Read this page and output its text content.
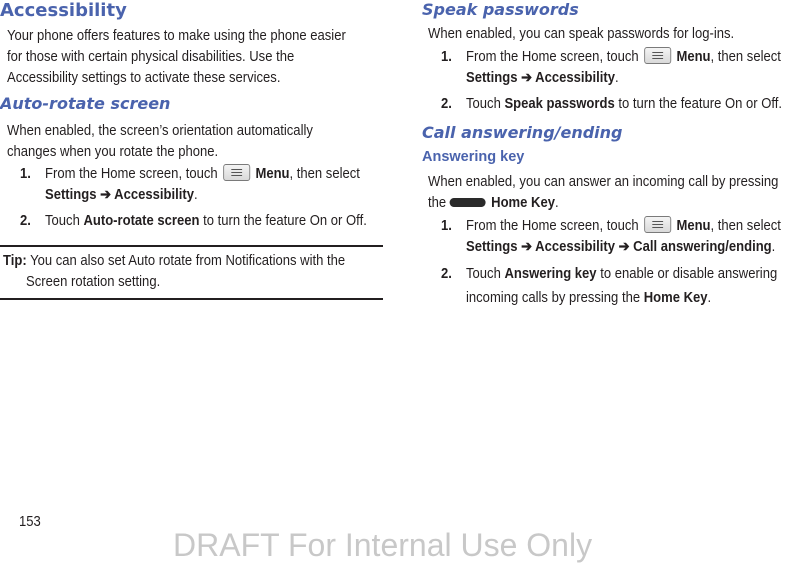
Accessibility
Your phone offers features to make using the phone easier
for those with certain physical disabilities. Use the
Accessibility settings to activate these services.
Auto-rotate screen
When enabled, the screen’s orientation automatically
changes when you rotate the phone.
1. From the Home screen, touch	Menu, then select
Settings ➔ Accessibility.
2. Touch Auto-rotate screen to turn the feature On or Off.
Tip: You can also set Auto rotate from Notifications with the
Screen rotation setting.
Speak passwords
When enabled, you can speak passwords for log-ins.
1. From the Home screen, touch	Menu, then select
Settings ➔ Accessibility.
2. Touch Speak passwords to turn the feature On or Off.
Call answering/ending
Answering key
When enabled, you can answer an incoming call by pressing
the	Home Key.
1. From the Home screen, touch	Menu, then select
Settings ➔ Accessibility ➔ Call answering/ending.
2. Touch Answering key to enable or disable answering
incoming calls by pressing the Home Key.
153
DRAFT For Internal Use Only
